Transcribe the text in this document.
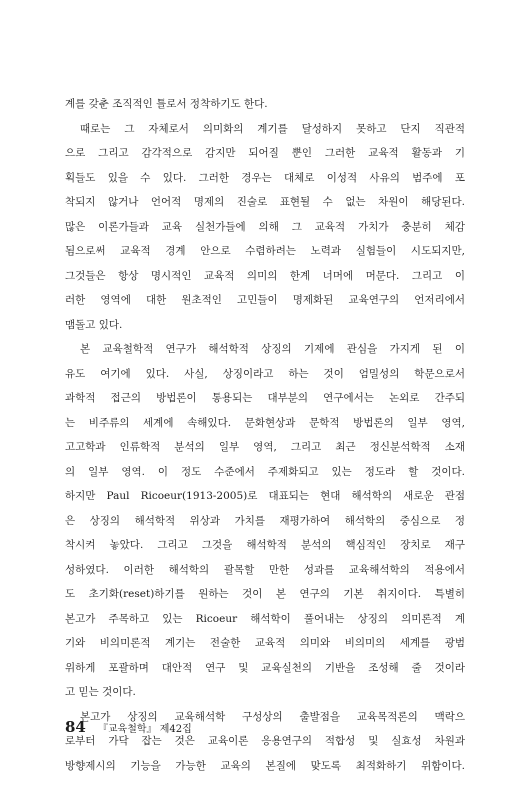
계를 갖춘 조직적인 틀로서 정착하기도 한다.
때로는 그 자체로서 의미화의 계기를 달성하지 못하고 단지 직관적
으로 그리고 감각적으로 감지만 되어질 뿐인 그러한 교육적 활동과 기
획들도 있을 수 있다. 그러한 경우는 대체로 이성적 사유의 범주에 포
착되지 않거나 언어적 명제의 진술로 표현될 수 없는 차원이 해당된다.
많은 이론가들과 교육 실천가들에 의해 그 교육적 가치가 충분히 체감
됨으로써 교육적 경계 안으로 수렴하려는 노력과 실험들이 시도되지만,
그것들은 항상 명시적인 교육적 의미의 한계 너머에 머문다. 그리고 이
러한 영역에 대한 원초적인 고민들이 명제화된 교육연구의 언저리에서
맴돌고 있다.
본 교육철학적 연구가 해석학적 상징의 기제에 관심을 가지게 된 이
유도 여기에 있다. 사실, 상징이라고 하는 것이 엄밀성의 학문으로서
과학적 접근의 방법론이 통용되는 대부분의 연구에서는 논외로 간주되
는 비주류의 세계에 속해있다. 문화현상과 문학적 방법론의 일부 영역,
고고학과 인류학적 분석의 일부 영역, 그리고 최근 정신분석학적 소재
의 일부 영역. 이 정도 수준에서 주제화되고 있는 정도라 할 것이다.
하지만 Paul Ricoeur(1913-2005)로 대표되는 현대 해석학의 새로운 관점
은 상징의 해석학적 위상과 가치를 재평가하여 해석학의 중심으로 정
착시켜 놓았다. 그리고 그것을 해석학적 분석의 핵심적인 장치로 재구
성하였다. 이러한 해석학의 괄목할 만한 성과를 교육해석학의 적용에서
도 초기화(reset)하기를 원하는 것이 본 연구의 기본 취지이다. 특별히
본고가 주목하고 있는 Ricoeur 해석학이 풀어내는 상징의 의미론적 계
기와 비의미론적 계기는 전술한 교육적 의미와 비의미의 세계를 광범
위하게 포괄하며 대안적 연구 및 교육실천의 기반을 조성해 줄 것이라
고 믿는 것이다.
본고가 상징의 교육해석학 구성상의 출발점을 교육목적론의 맥락으
로부터 가닥 잡는 것은 교육이론 응용연구의 적합성 및 실효성 차원과
방향제시의 기능을 가능한 교육의 본질에 맞도록 최적화하기 위함이다.
84 『교육철학』 제42집
